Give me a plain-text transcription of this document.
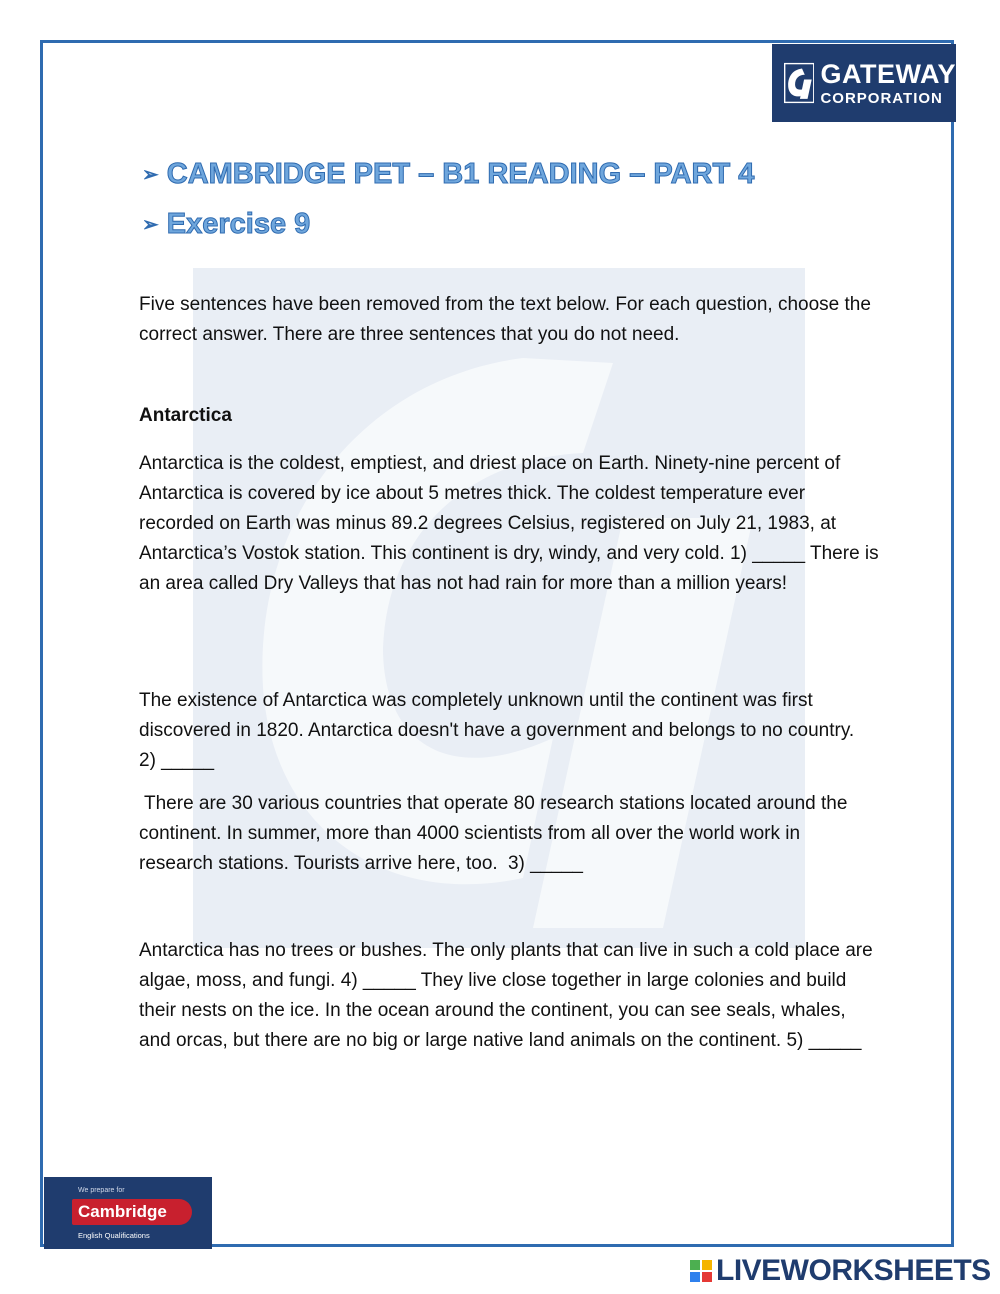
GATEWAY
CORPORATION
➢ CAMBRIDGE PET – B1 READING – PART 4
➢ Exercise 9
Five sentences have been removed from the text below. For each question, choose the correct answer. There are three sentences that you do not need.
Antarctica
Antarctica is the coldest, emptiest, and driest place on Earth. Ninety-nine percent of Antarctica is covered by ice about 5 metres thick. The coldest temperature ever recorded on Earth was minus 89.2 degrees Celsius, registered on July 21, 1983, at Antarctica’s Vostok station. This continent is dry, windy, and very cold. 1) _____ There is an area called Dry Valleys that has not had rain for more than a million years!
The existence of Antarctica was completely unknown until the continent was first discovered in 1820. Antarctica doesn't have a government and belongs to no country. 2) _____
There are 30 various countries that operate 80 research stations located around the continent. In summer, more than 4000 scientists from all over the world work in research stations. Tourists arrive here, too. 3) _____
Antarctica has no trees or bushes. The only plants that can live in such a cold place are algae, moss, and fungi. 4) _____ They live close together in large colonies and build their nests on the ice. In the ocean around the continent, you can see seals, whales, and orcas, but there are no big or large native land animals on the continent. 5) _____
We prepare for
Cambridge
English Qualifications
LIVEWORKSHEETS
